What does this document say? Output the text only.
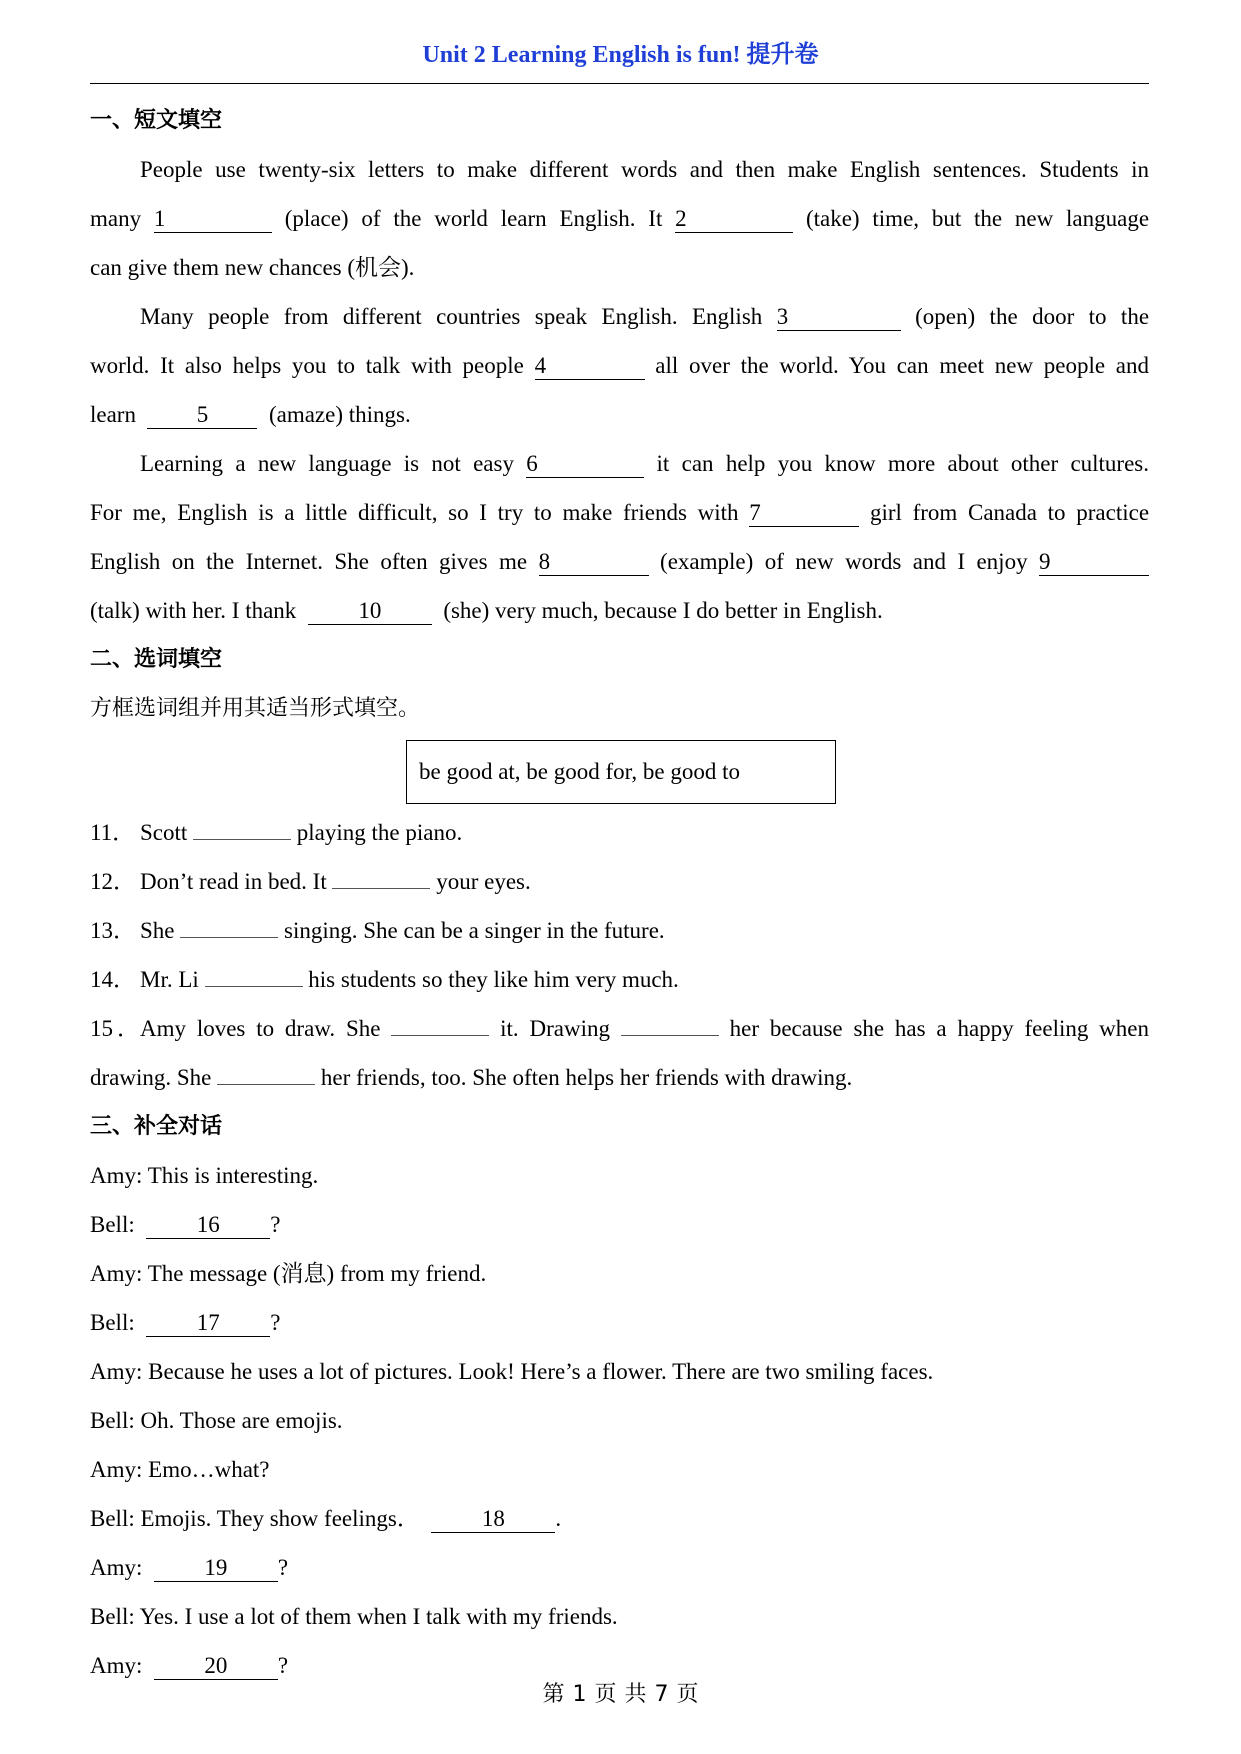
Unit 2 Learning English is fun! 提升卷
一、短文填空
People use twenty-six letters to make different words and then make English sentences. Students in
many 1	(place) of the world learn English. It 2	(take) time, but the new language
can give them new chances (机会).
Many people from different countries speak English. English 3	(open) the door to the
world. It also helps you to talk with people 4	all over the world. You can meet new people and
learn	5	(amaze) things.
Learning a new language is not easy 6	it can help you know more about other cultures.
For me, English is a little difficult, so I try to make friends with 7	girl from Canada to practice
English on the Internet. She often gives me 8	(example) of new words and I enjoy 9
(talk) with her. I thank	10	(she) very much, because I do better in English.
二、选词填空
方框选词组并用其适当形式填空。
be good at, be good for, be good to
11． Scott	playing the piano.
12． Don’t read in bed. It	your eyes.
13． She	singing. She can be a singer in the future.
14． Mr. Li	his students so they like him very much.
15．Amy loves to draw. She	it. Drawing	her because she has a happy feeling when
drawing. She	her friends, too. She often helps her friends with drawing.
三、补全对话
Amy: This is interesting.
Bell:	16 ?
Amy: The message (消息) from my friend.
Bell:	17 ?
Amy: Because he uses a lot of pictures. Look! Here’s a flower. There are two smiling faces.
Bell: Oh. Those are emojis.
Amy: Emo…what?
Bell: Emojis. They show feelings．	18 .
Amy:	19 ?
Bell: Yes. I use a lot of them when I talk with my friends.
Amy:	20 ?
第 1 页 共 7 页
